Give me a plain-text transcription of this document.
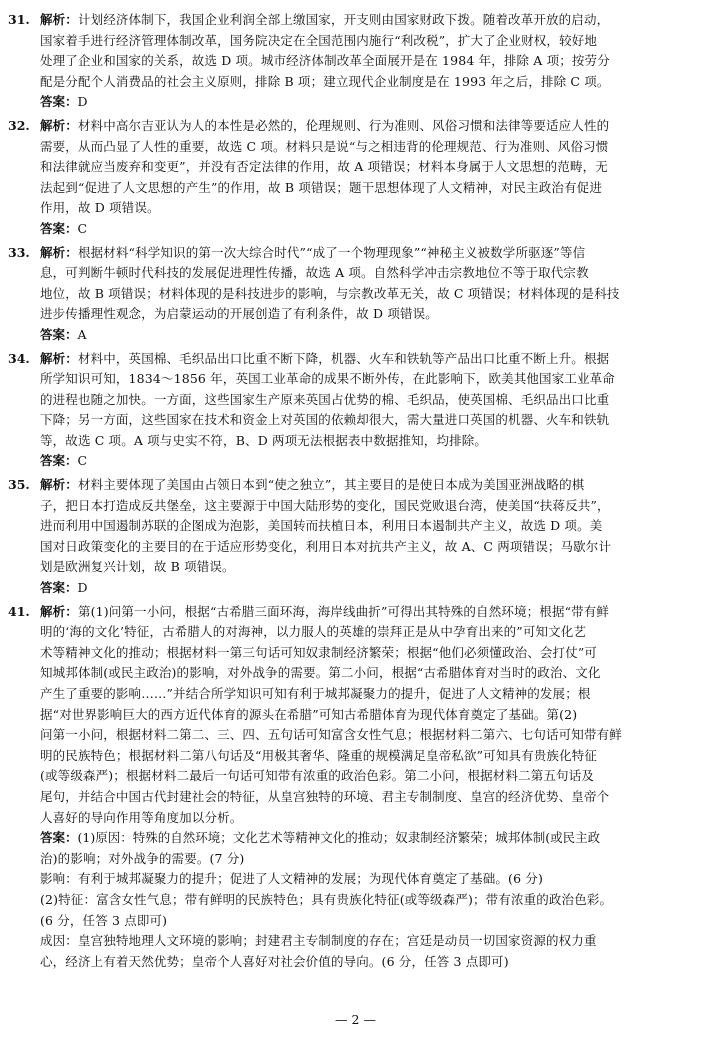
31. 解析：计划经济体制下，我国企业利润全部上缴国家，开支则由国家财政下拨。随着改革开放的启动，
国家着手进行经济管理体制改革，国务院决定在全国范围内施行“利改税”，扩大了企业财权，较好地
处理了企业和国家的关系，故选 D 项。城市经济体制改革全面展开是在 1984 年，排除 A 项；按劳分
配是分配个人消费品的社会主义原则，排除 B 项；建立现代企业制度是在 1993 年之后，排除 C 项。
答案：D
32. 解析：材料中高尔吉亚认为人的本性是必然的，伦理规则、行为准则、风俗习惯和法律等要适应人性的
需要，从而凸显了人性的重要，故选 C 项。材料只是说“与之相违背的伦理规范、行为准则、风俗习惯
和法律就应当废弃和变更”，并没有否定法律的作用，故 A 项错误；材料本身属于人文思想的范畴，无
法起到“促进了人文思想的产生”的作用，故 B 项错误；题干思想体现了人文精神，对民主政治有促进
作用，故 D 项错误。
答案：C
33. 解析：根据材料“科学知识的第一次大综合时代”“成了一个物理现象”“神秘主义被数学所驱逐”等信
息，可判断牛顿时代科技的发展促进理性传播，故选 A 项。自然科学冲击宗教地位不等于取代宗教
地位，故 B 项错误；材料体现的是科技进步的影响，与宗教改革无关，故 C 项错误；材料体现的是科技
进步传播理性观念，为启蒙运动的开展创造了有利条件，故 D 项错误。
答案：A
34. 解析：材料中，英国棉、毛织品出口比重不断下降，机器、火车和铁轨等产品出口比重不断上升。根据
所学知识可知，1834～1856 年，英国工业革命的成果不断外传，在此影响下，欧美其他国家工业革命
的进程也随之加快。一方面，这些国家生产原来英国占优势的棉、毛织品，使英国棉、毛织品出口比重
下降；另一方面，这些国家在技术和资金上对英国的依赖却很大，需大量进口英国的机器、火车和铁轨
等，故选 C 项。A 项与史实不符，B、D 两项无法根据表中数据推知，均排除。
答案：C
35. 解析：材料主要体现了美国由占领日本到“使之独立”，其主要目的是使日本成为美国亚洲战略的棋
子，把日本打造成反共堡垒，这主要源于中国大陆形势的变化，国民党败退台湾，使美国“扶蒋反共”，
进而利用中国遏制苏联的企图成为泡影，美国转而扶植日本，利用日本遏制共产主义，故选 D 项。美
国对日政策变化的主要目的在于适应形势变化，利用日本对抗共产主义，故 A、C 两项错误；马歇尔计
划是欧洲复兴计划，故 B 项错误。
答案：D
41. 解析：第(1)问第一小问，根据“古希腊三面环海，海岸线曲折”可得出其特殊的自然环境；根据“带有鲜
明的‘海的文化’特征，古希腊人的对海神，以力服人的英雄的崇拜正是从中孕育出来的”可知文化艺
术等精神文化的推动；根据材料一第三句话可知奴隶制经济繁荣；根据“他们必须懂政治、会打仗”可
知城邦体制(或民主政治)的影响，对外战争的需要。第二小问，根据“古希腊体育对当时的政治、文化
产生了重要的影响……”并结合所学知识可知有利于城邦凝聚力的提升，促进了人文精神的发展；根
据“对世界影响巨大的西方近代体育的源头在希腊”可知古希腊体育为现代体育奠定了基础。第(2)
问第一小问，根据材料二第二、三、四、五句话可知富含女性气息；根据材料二第六、七句话可知带有鲜
明的民族特色；根据材料二第八句话及“用极其奢华、隆重的规模满足皇帝私欲”可知具有贵族化特征
(或等级森严)；根据材料二最后一句话可知带有浓重的政治色彩。第二小问，根据材料二第五句话及
尾句，并结合中国古代封建社会的特征，从皇宫独特的环境、君主专制制度、皇宫的经济优势、皇帝个
人喜好的导向作用等角度加以分析。
答案：(1)原因：特殊的自然环境；文化艺术等精神文化的推动；奴隶制经济繁荣；城邦体制(或民主政
治)的影响；对外战争的需要。(7 分)
影响：有利于城邦凝聚力的提升；促进了人文精神的发展；为现代体育奠定了基础。(6 分)
(2)特征：富含女性气息；带有鲜明的民族特色；具有贵族化特征(或等级森严)；带有浓重的政治色彩。
(6 分，任答 3 点即可)
成因：皇宫独特地理人文环境的影响；封建君主专制制度的存在；宫廷是动员一切国家资源的权力重
心，经济上有着天然优势；皇帝个人喜好对社会价值的导向。(6 分，任答 3 点即可)
— 2 —
